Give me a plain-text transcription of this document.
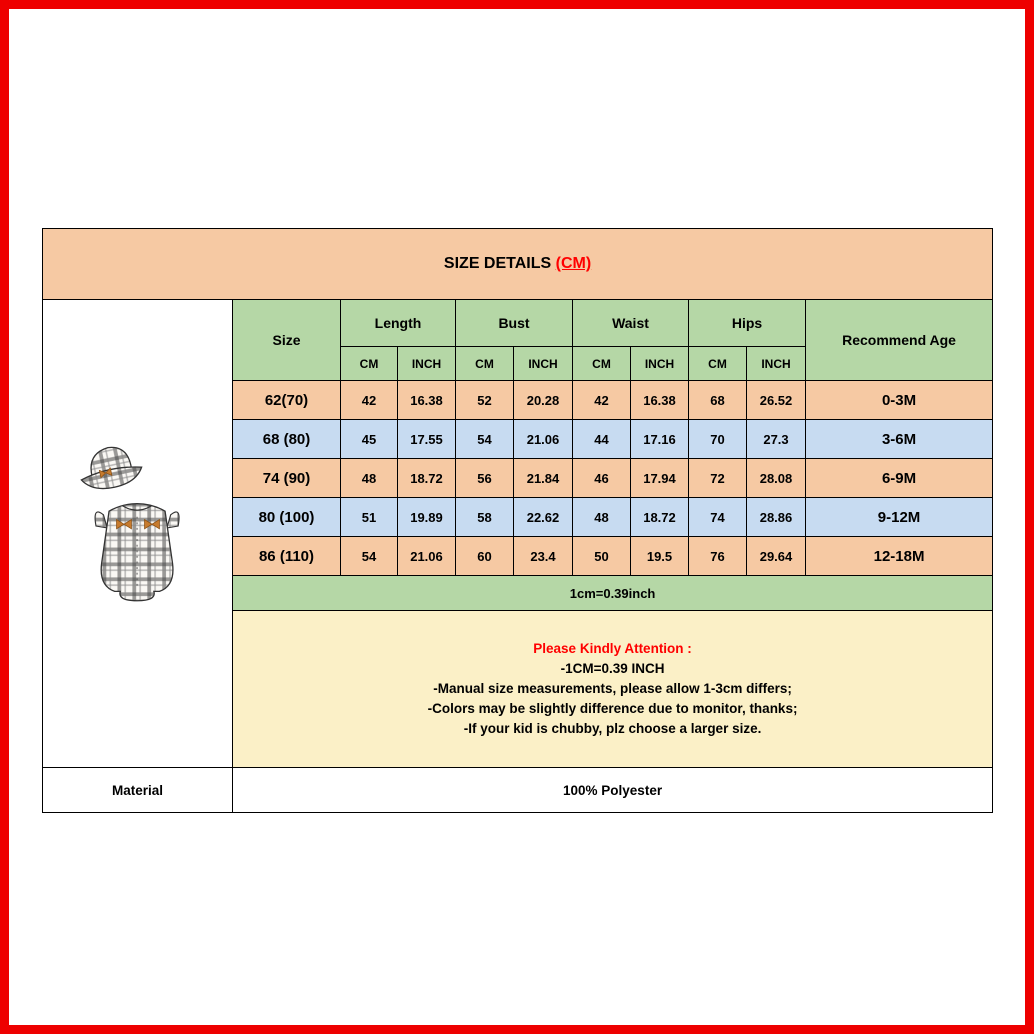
SIZE DETAILS (CM)										

	Size	Length		Bust		Waist		Hips		Recommend Age
		CM	INCH	CM	INCH	CM	INCH	CM	INCH	
	62(70)	42	16.38	52	20.28	42	16.38	68	26.52	0-3M
	68 (80)	45	17.55	54	21.06	44	17.16	70	27.3	3-6M
	74 (90)	48	18.72	56	21.84	46	17.94	72	28.08	6-9M
	80 (100)	51	19.89	58	22.62	48	18.72	74	28.86	9-12M
	86 (110)	54	21.06	60	23.4	50	19.5	76	29.64	12-18M
	1cm=0.39inch									

	Please Kindly Attention :
-1CM=0.39 INCH
-Manual size measurements, please allow 1-3cm differs;
-Colors may be slightly difference due to monitor, thanks;
-If your kid is chubby, plz choose a larger size.									

Material	100% Polyester									
